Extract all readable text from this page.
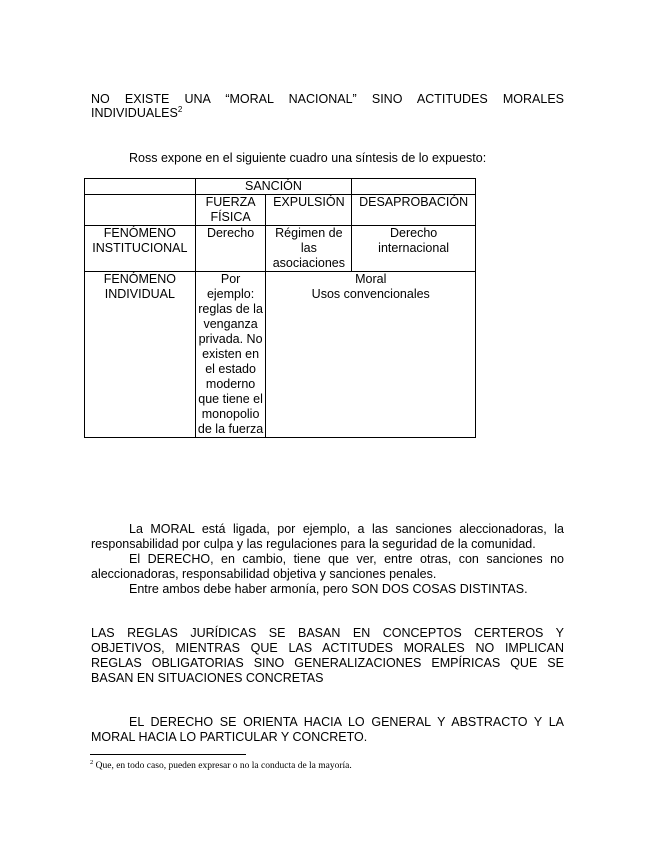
NO EXISTE UNA “MORAL NACIONAL” SINO ACTITUDES MORALES
INDIVIDUALES$^2$
Ross expone en el siguiente cuadro una síntesis de lo expuesto:
	SANCIÓN		
	FUERZA FÍSICA	EXPULSIÓN	DESAPROBACIÓN
FENÓMENO INSTITUCIONAL	Derecho	Régimen de las asociaciones	Derecho internacional
FENÓMENO INDIVIDUAL	Por ejemplo: reglas de la venganza privada. No existen en el estado moderno que tiene el monopolio de la fuerza	Moral
Usos convencionales	
La MORAL está ligada, por ejemplo, a las sanciones aleccionadoras, la responsabilidad por culpa y las regulaciones para la seguridad de la comunidad.
El DERECHO, en cambio, tiene que ver, entre otras, con sanciones no aleccionadoras, responsabilidad objetiva y sanciones penales.
Entre ambos debe haber armonía, pero SON DOS COSAS DISTINTAS.
LAS REGLAS JURÍDICAS SE BASAN EN CONCEPTOS CERTEROS Y OBJETIVOS, MIENTRAS QUE LAS ACTITUDES MORALES NO IMPLICAN REGLAS OBLIGATORIAS SINO GENERALIZACIONES EMPÍRICAS QUE SE BASAN EN SITUACIONES CONCRETAS
EL DERECHO SE ORIENTA HACIA LO GENERAL Y ABSTRACTO Y LA MORAL HACIA LO PARTICULAR Y CONCRETO.
$^2$ Que, en todo caso, pueden expresar o no la conducta de la mayoría.
